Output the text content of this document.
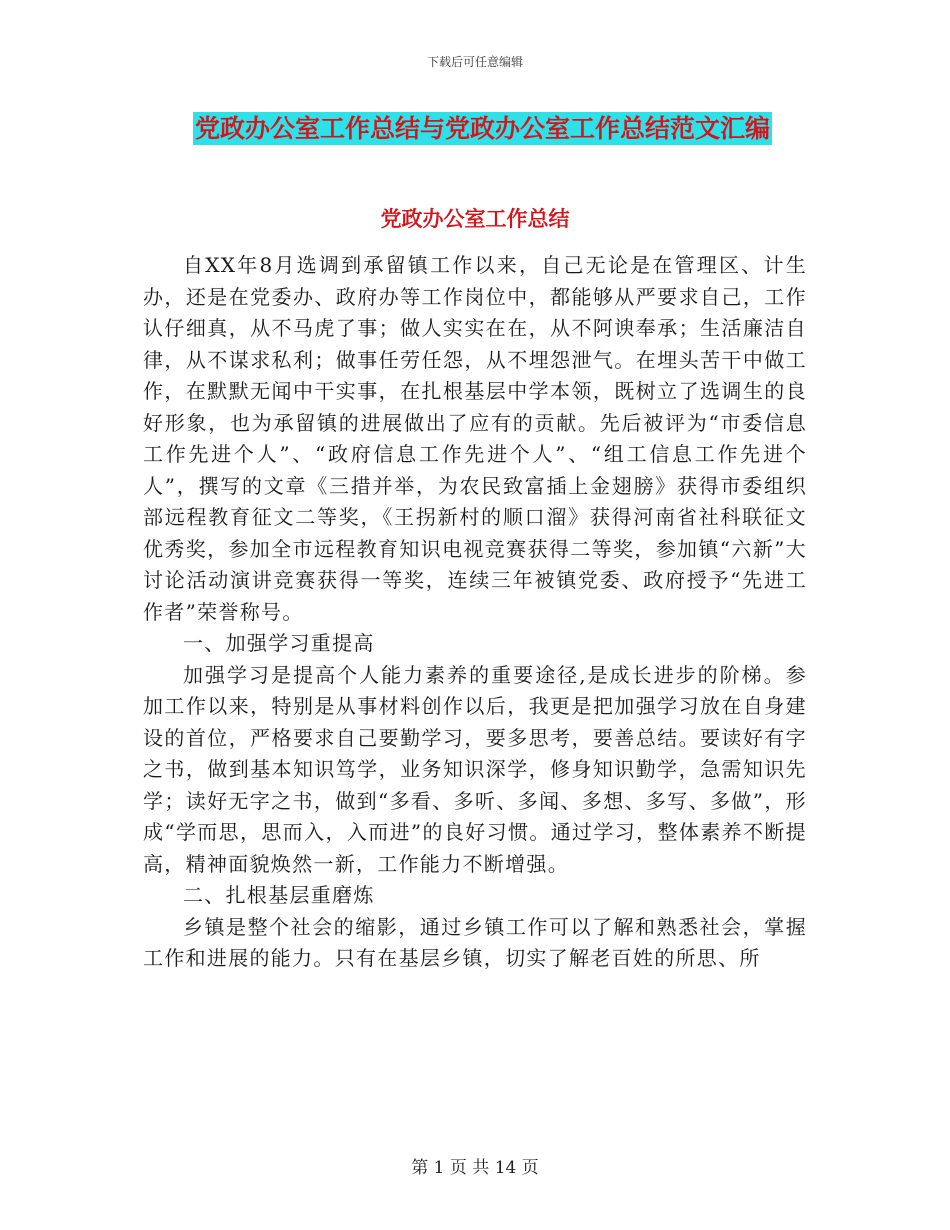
下载后可任意编辑
党政办公室工作总结与党政办公室工作总结范文汇编
党政办公室工作总结

自XX年8月选调到承留镇工作以来，自己无论是在管理区、计生办，还是在党委办、政府办等工作岗位中，都能够从严要求自己，工作认仔细真，从不马虎了事；做人实实在在，从不阿谀奉承；生活廉洁自律，从不谋求私利；做事任劳任怨，从不埋怨泄气。在埋头苦干中做工作，在默默无闻中干实事，在扎根基层中学本领，既树立了选调生的良好形象，也为承留镇的进展做出了应有的贡献。先后被评为“市委信息工作先进个人”、“政府信息工作先进个人”、“组工信息工作先进个人”，撰写的文章《三措并举，为农民致富插上金翅膀》获得市委组织部远程教育征文二等奖，《王拐新村的顺口溜》获得河南省社科联征文优秀奖，参加全市远程教育知识电视竞赛获得二等奖，参加镇“六新”大讨论活动演讲竞赛获得一等奖，连续三年被镇党委、政府授予“先进工作者”荣誉称号。

一、加强学习重提高

加强学习是提高个人能力素养的重要途径,是成长进步的阶梯。参加工作以来，特别是从事材料创作以后，我更是把加强学习放在自身建设的首位，严格要求自己要勤学习，要多思考，要善总结。要读好有字之书，做到基本知识笃学，业务知识深学，修身知识勤学，急需知识先学；读好无字之书，做到“多看、多听、多闻、多想、多写、多做”，形成“学而思，思而入，入而进”的良好习惯。通过学习，整体素养不断提高，精神面貌焕然一新，工作能力不断增强。

二、扎根基层重磨炼

乡镇是整个社会的缩影，通过乡镇工作可以了解和熟悉社会，掌握工作和进展的能力。只有在基层乡镇，切实了解老百姓的所思、所

第 1 页 共 14 页
